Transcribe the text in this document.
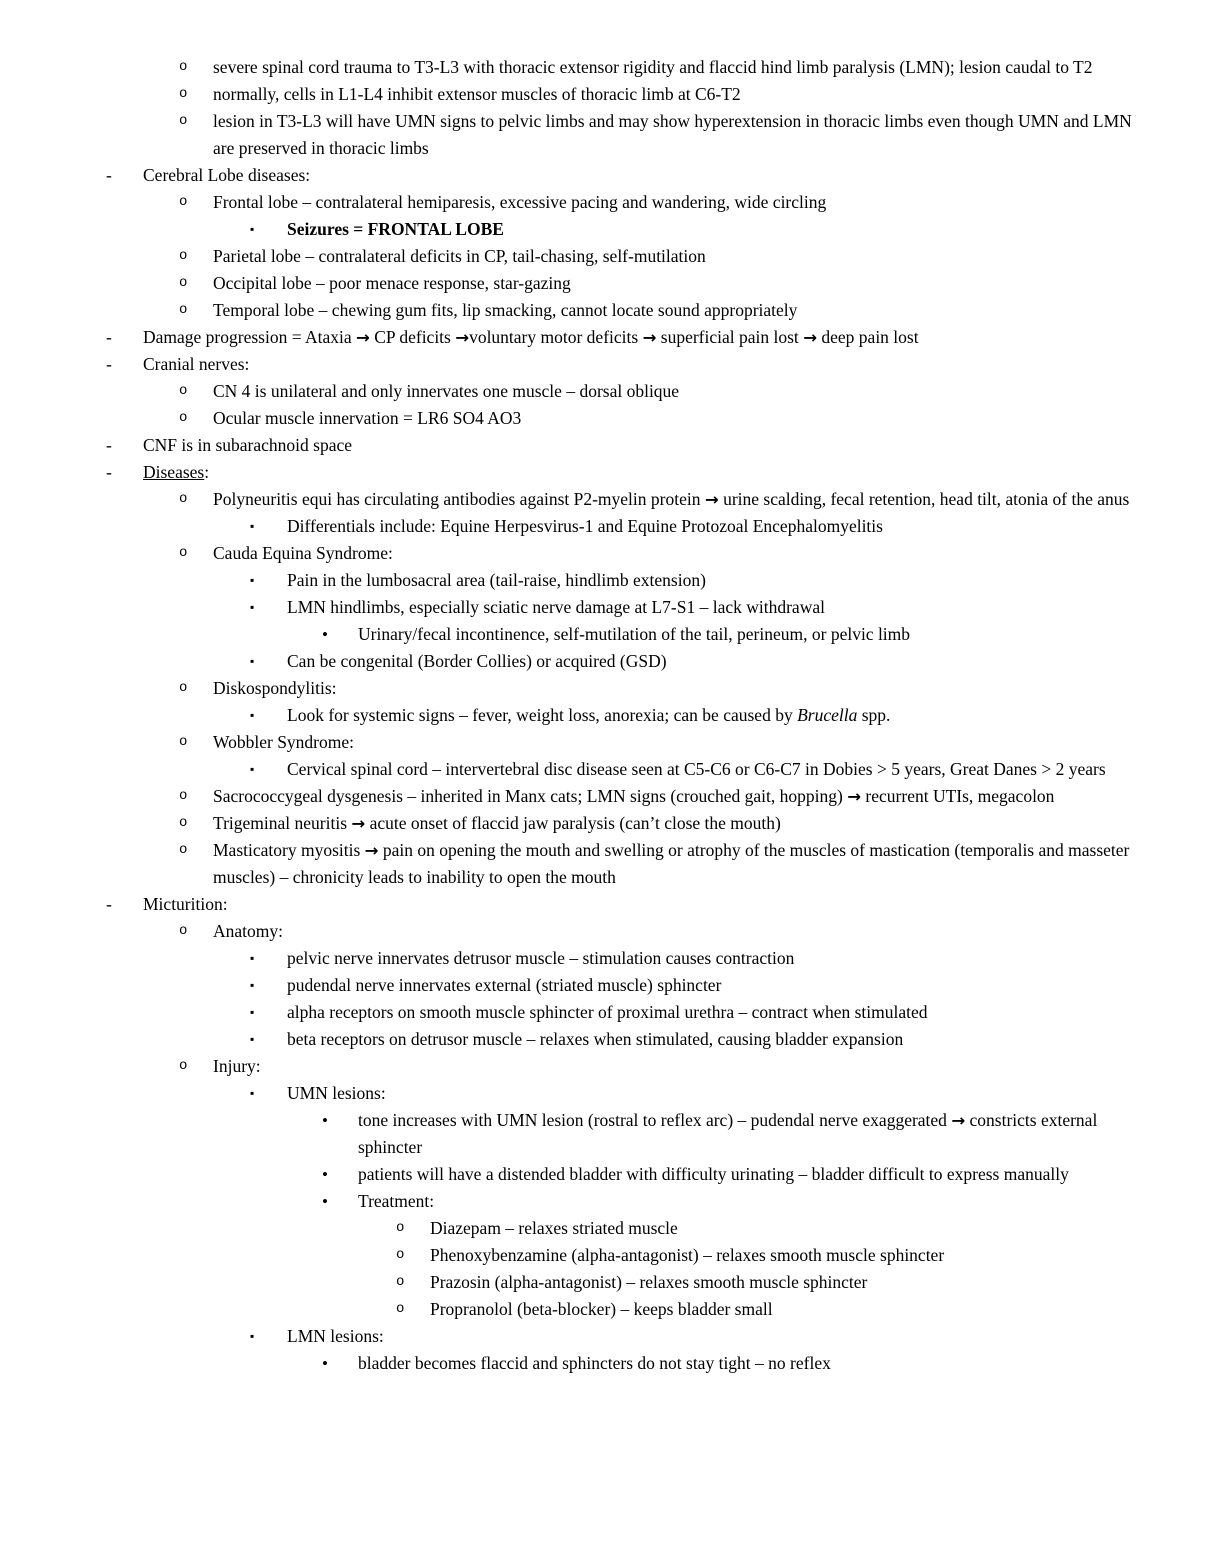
o severe spinal cord trauma to T3-L3 with thoracic extensor rigidity and flaccid hind limb paralysis (LMN); lesion caudal to T2
o normally, cells in L1-L4 inhibit extensor muscles of thoracic limb at C6-T2
o lesion in T3-L3 will have UMN signs to pelvic limbs and may show hyperextension in thoracic limbs even though UMN and LMN are preserved in thoracic limbs
- Cerebral Lobe diseases:
o Frontal lobe – contralateral hemiparesis, excessive pacing and wandering, wide circling
▪ Seizures = FRONTAL LOBE
o Parietal lobe – contralateral deficits in CP, tail-chasing, self-mutilation
o Occipital lobe – poor menace response, star-gazing
o Temporal lobe – chewing gum fits, lip smacking, cannot locate sound appropriately
- Damage progression = Ataxia → CP deficits →voluntary motor deficits → superficial pain lost → deep pain lost
- Cranial nerves:
o CN 4 is unilateral and only innervates one muscle – dorsal oblique
o Ocular muscle innervation = LR6 SO4 AO3
- CNF is in subarachnoid space
- Diseases:
o Polyneuritis equi has circulating antibodies against P2-myelin protein → urine scalding, fecal retention, head tilt, atonia of the anus
▪ Differentials include: Equine Herpesvirus-1 and Equine Protozoal Encephalomyelitis
o Cauda Equina Syndrome:
▪ Pain in the lumbosacral area (tail-raise, hindlimb extension)
▪ LMN hindlimbs, especially sciatic nerve damage at L7-S1 – lack withdrawal
• Urinary/fecal incontinence, self-mutilation of the tail, perineum, or pelvic limb
▪ Can be congenital (Border Collies) or acquired (GSD)
o Diskospondylitis:
▪ Look for systemic signs – fever, weight loss, anorexia; can be caused by Brucella spp.
o Wobbler Syndrome:
▪ Cervical spinal cord – intervertebral disc disease seen at C5-C6 or C6-C7 in Dobies > 5 years, Great Danes > 2 years
o Sacrococcygeal dysgenesis – inherited in Manx cats; LMN signs (crouched gait, hopping) → recurrent UTIs, megacolon
o Trigeminal neuritis → acute onset of flaccid jaw paralysis (can’t close the mouth)
o Masticatory myositis → pain on opening the mouth and swelling or atrophy of the muscles of mastication (temporalis and masseter muscles) – chronicity leads to inability to open the mouth
- Micturition:
o Anatomy:
▪ pelvic nerve innervates detrusor muscle – stimulation causes contraction
▪ pudendal nerve innervates external (striated muscle) sphincter
▪ alpha receptors on smooth muscle sphincter of proximal urethra – contract when stimulated
▪ beta receptors on detrusor muscle – relaxes when stimulated, causing bladder expansion
o Injury:
▪ UMN lesions:
• tone increases with UMN lesion (rostral to reflex arc) – pudendal nerve exaggerated → constricts external sphincter
• patients will have a distended bladder with difficulty urinating – bladder difficult to express manually
• Treatment:
o Diazepam – relaxes striated muscle
o Phenoxybenzamine (alpha-antagonist) – relaxes smooth muscle sphincter
o Prazosin (alpha-antagonist) – relaxes smooth muscle sphincter
o Propranolol (beta-blocker) – keeps bladder small
▪ LMN lesions:
• bladder becomes flaccid and sphincters do not stay tight – no reflex
